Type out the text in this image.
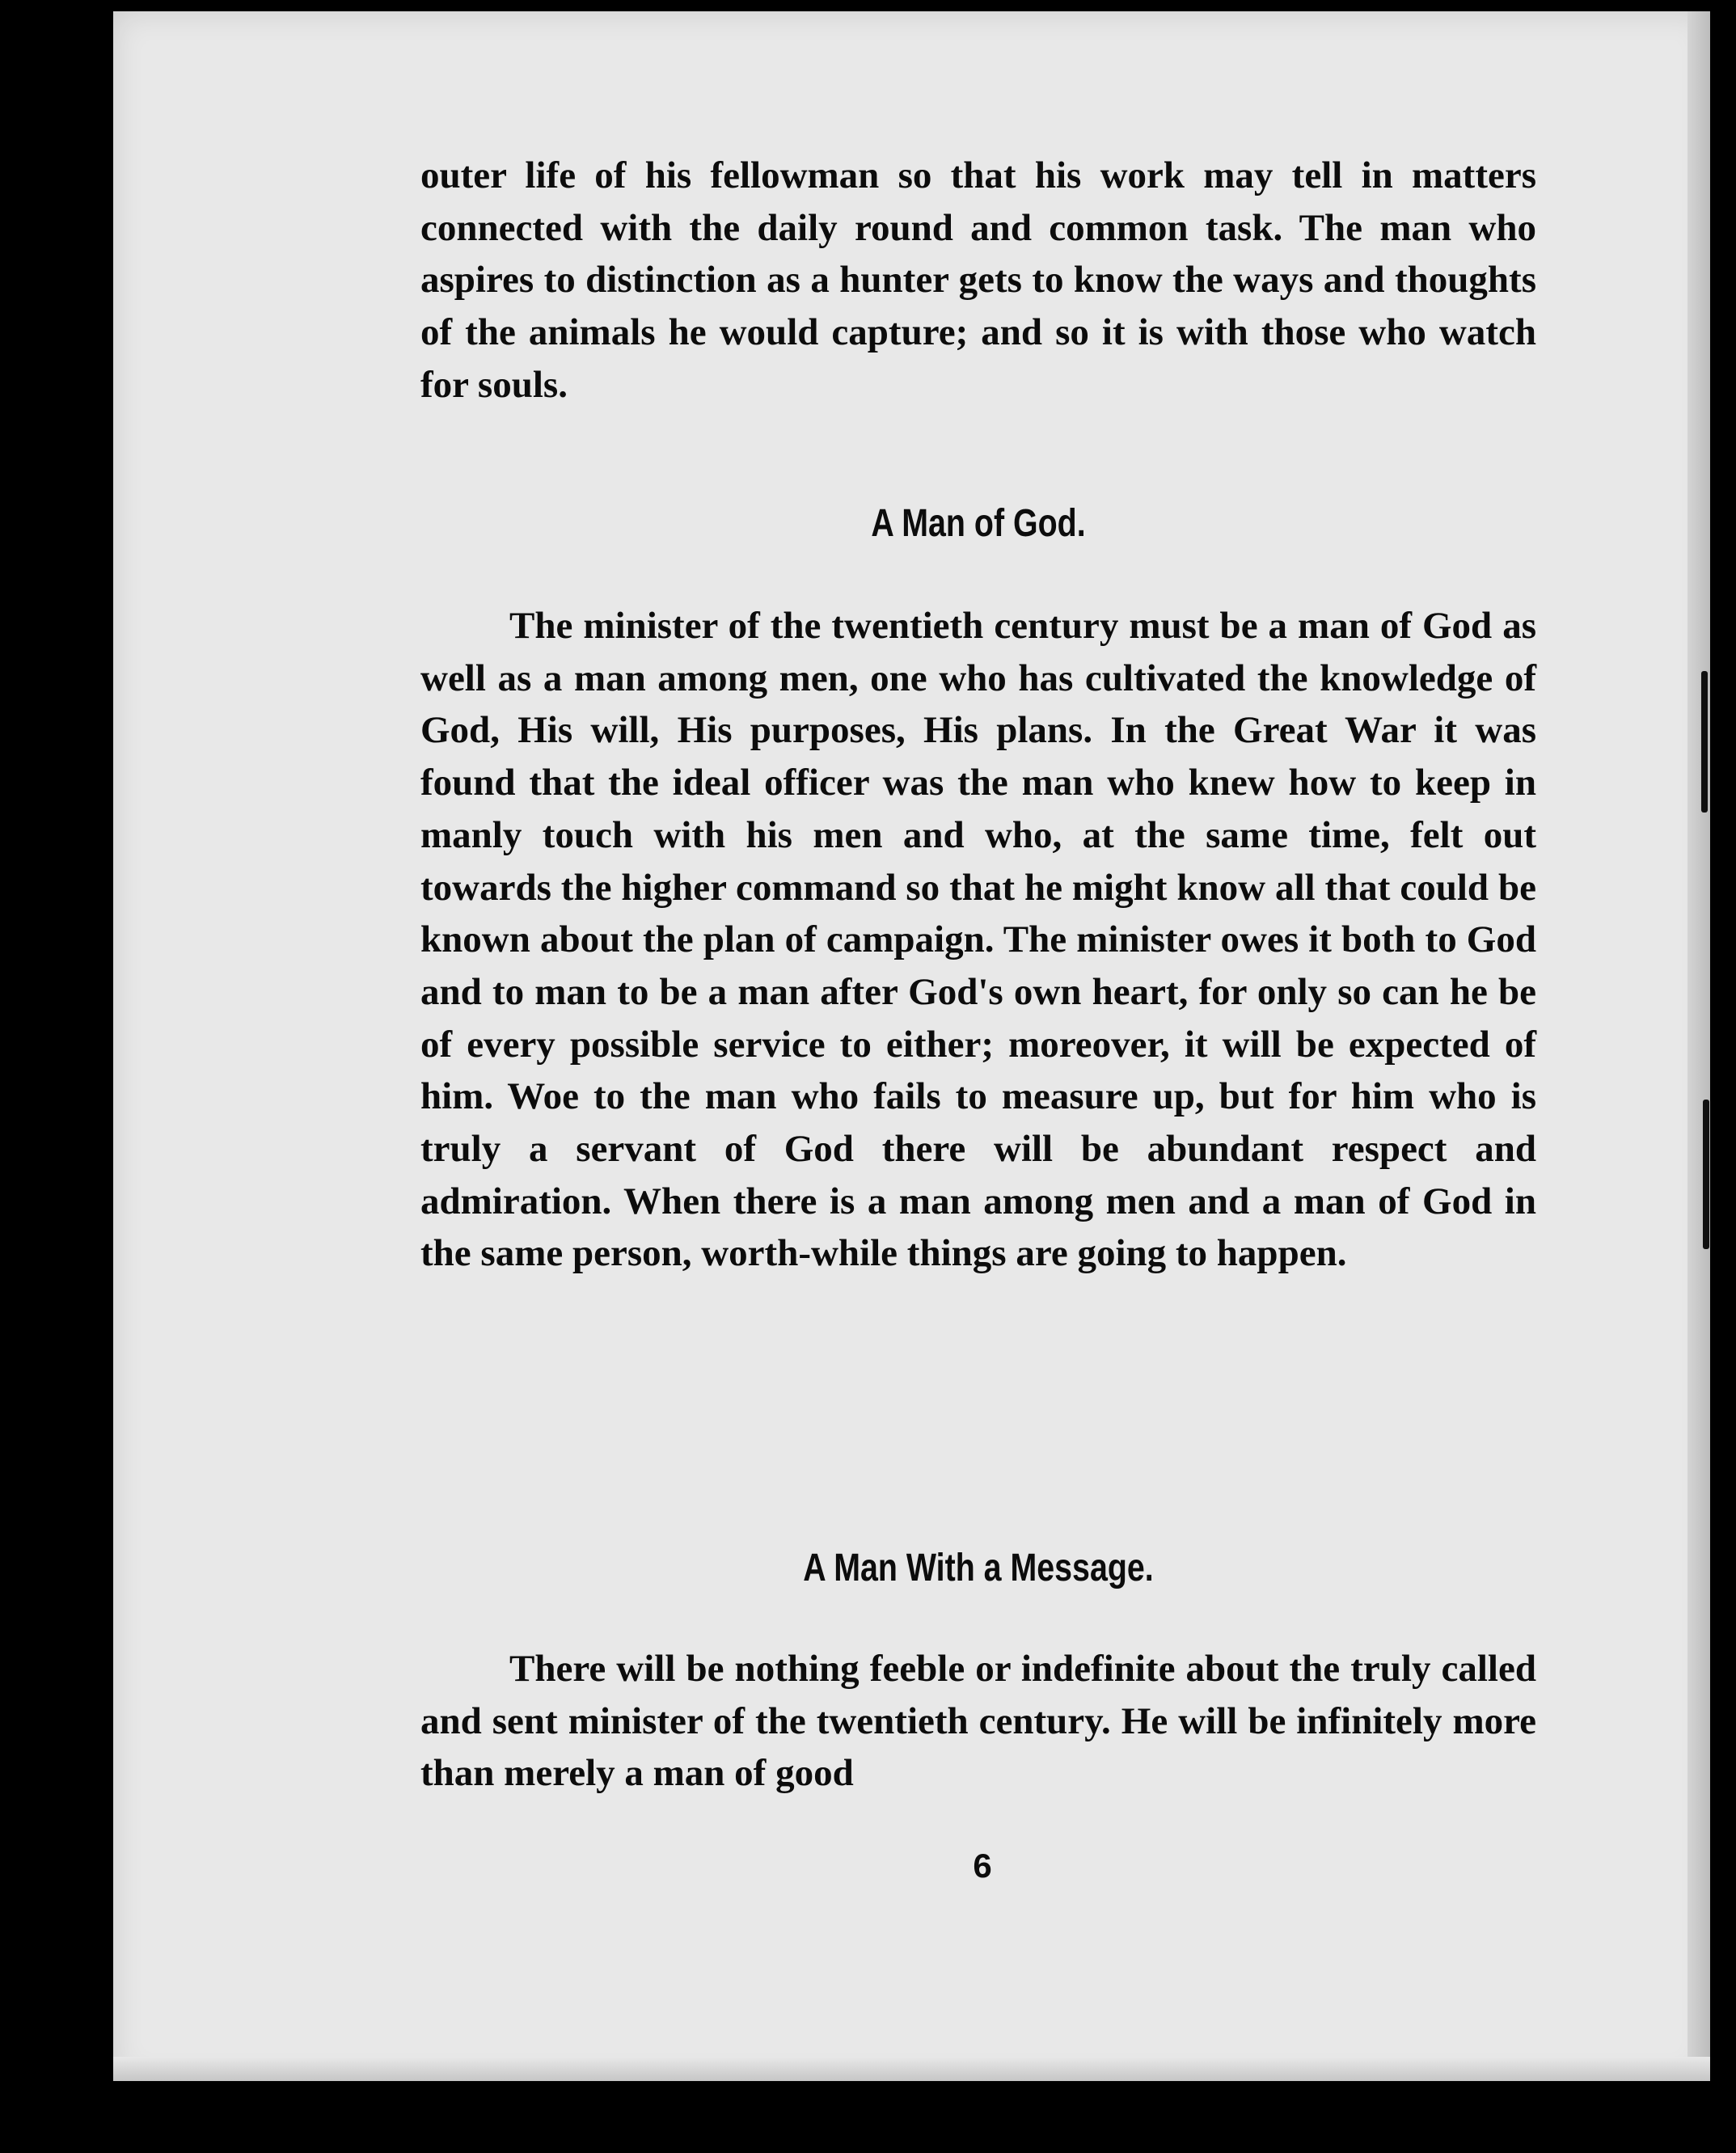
outer life of his fellowman so that his work may tell in matters connected with the daily round and common task. The man who aspires to distinction as a hunter gets to know the ways and thoughts of the animals he would capture; and so it is with those who watch for souls.

A Man of God.

The minister of the twentieth century must be a man of God as well as a man among men, one who has cultivated the knowledge of God, His will, His purposes, His plans. In the Great War it was found that the ideal officer was the man who knew how to keep in manly touch with his men and who, at the same time, felt out towards the higher command so that he might know all that could be known about the plan of campaign. The minister owes it both to God and to man to be a man after God's own heart, for only so can he be of every possible service to either; moreover, it will be expected of him. Woe to the man who fails to measure up, but for him who is truly a servant of God there will be abundant respect and admiration. When there is a man among men and a man of God in the same person, worth-while things are going to happen.

A Man With a Message.

There will be nothing feeble or indefinite about the truly called and sent minister of the twentieth century. He will be infinitely more than merely a man of good

6
